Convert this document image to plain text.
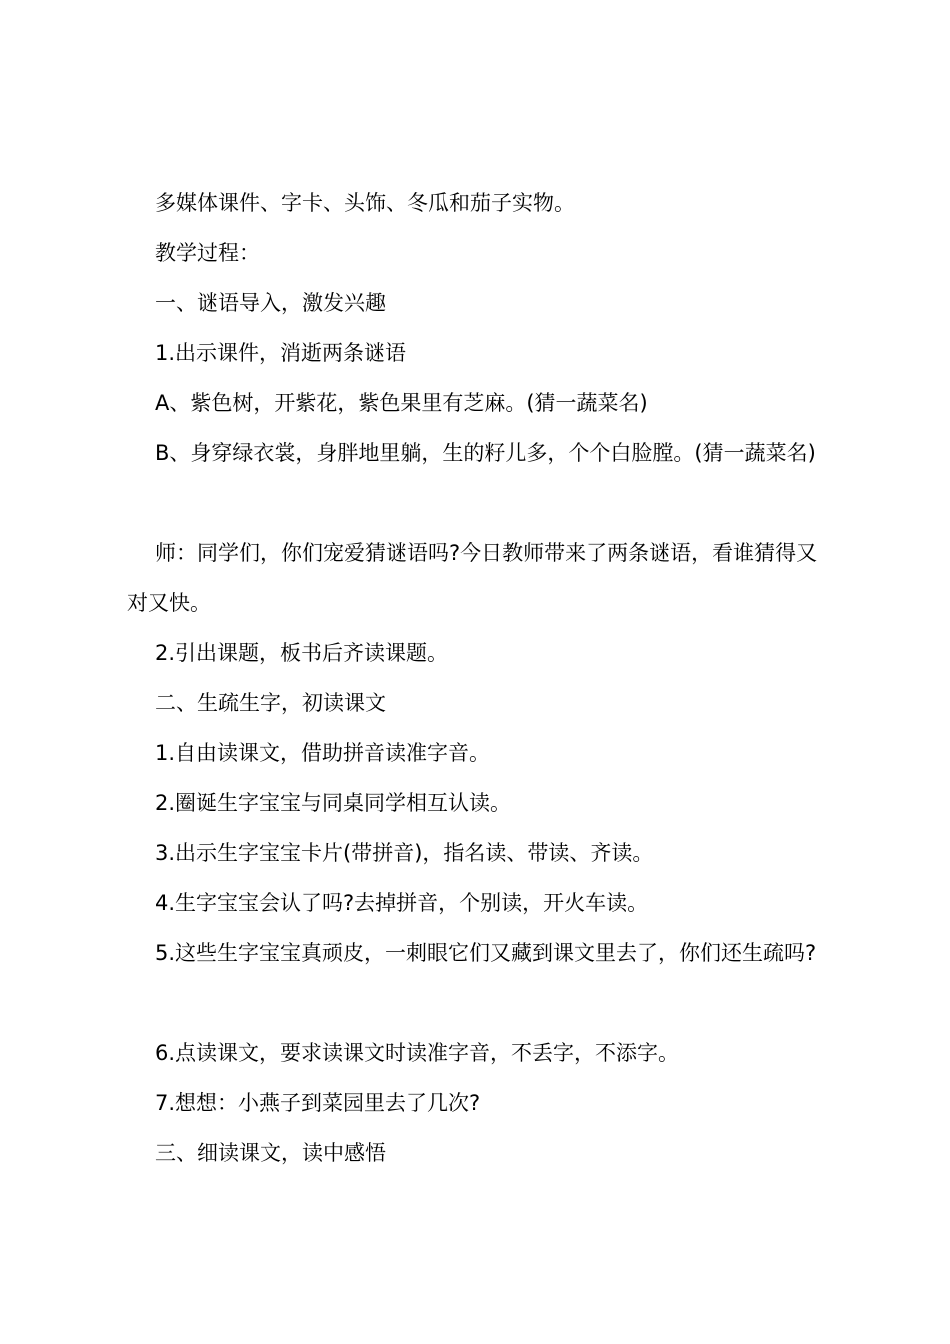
多媒体课件、字卡、头饰、冬瓜和茄子实物。

教学过程：

一、谜语导入，激发兴趣

1.出示课件，消逝两条谜语

A、紫色树，开紫花，紫色果里有芝麻。(猜一蔬菜名)

B、身穿绿衣裳，身胖地里躺，生的籽儿多，个个白脸膛。(猜一蔬菜名)

师：同学们，你们宠爱猜谜语吗?今日教师带来了两条谜语，看谁猜得又对又快。

2.引出课题，板书后齐读课题。

二、生疏生字，初读课文

1.自由读课文，借助拼音读准字音。

2.圈诞生字宝宝与同桌同学相互认读。

3.出示生字宝宝卡片(带拼音)，指名读、带读、齐读。

4.生字宝宝会认了吗?去掉拼音，个别读，开火车读。

5.这些生字宝宝真顽皮，一刺眼它们又藏到课文里去了，你们还生疏吗?

6.点读课文，要求读课文时读准字音，不丢字，不添字。

7.想想：小燕子到菜园里去了几次?

三、细读课文，读中感悟
